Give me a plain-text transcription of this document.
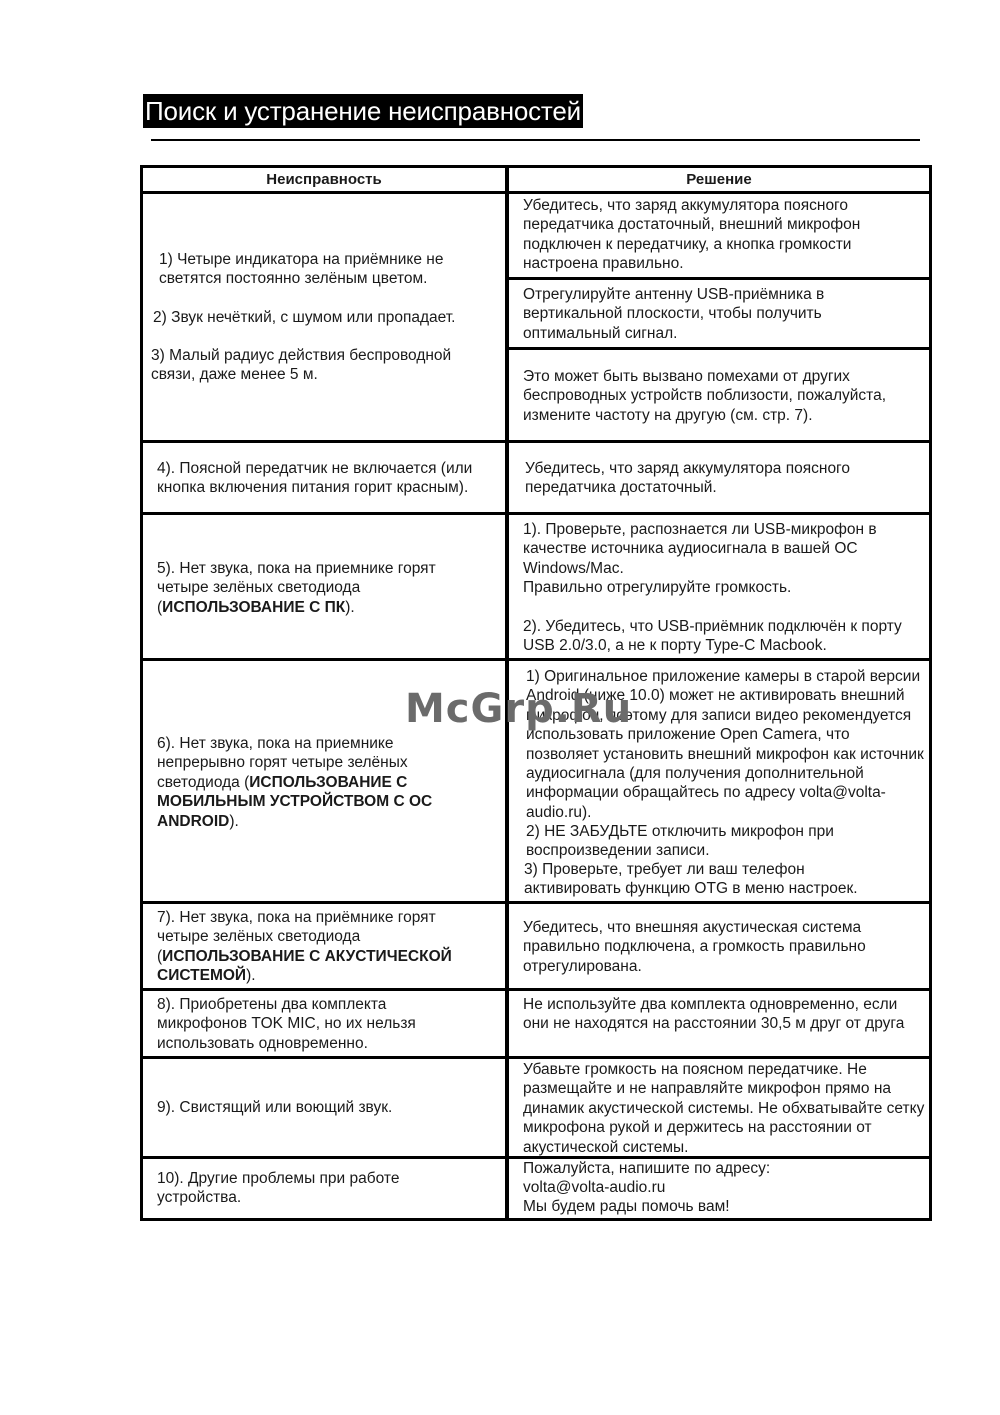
Поиск и устранение неисправностей
Неисправность	Решение
1) Четыре индикатора на приёмнике не светятся постоянно зелёным цветом.
2) Звук нечёткий, с шумом или пропадает.
3) Малый радиус действия беспроводной связи, даже менее 5 м.
Убедитесь, что заряд аккумулятора поясного передатчика достаточный, внешний микрофон подключен к передатчику, а кнопка громкости настроена правильно.
Отрегулируйте антенну USB-приёмника в вертикальной плоскости, чтобы получить оптимальный сигнал.
Это может быть вызвано помехами от других беспроводных устройств поблизости, пожалуйста, измените частоту на другую (см. стр. 7).
4). Поясной передатчик не включается (или кнопка включения питания горит красным).
Убедитесь, что заряд аккумулятора поясного передатчика достаточный.
5). Нет звука, пока на приемнике горят четыре зелёных светодиода (ИСПОЛЬЗОВАНИЕ С ПК).
1). Проверьте, распознается ли USB-микрофон в качестве источника аудиосигнала в вашей ОС Windows/Mac.
Правильно отрегулируйте громкость.
2). Убедитесь, что USB-приёмник подключён к порту USB 2.0/3.0, а не к порту Type-C Macbook.
6). Нет звука, пока на приемнике непрерывно горят четыре зелёных светодиода (ИСПОЛЬЗОВАНИЕ С МОБИЛЬНЫМ УСТРОЙСТВОМ С ОС ANDROID).
1) Оригинальное приложение камеры в старой версии Android (ниже 10.0) может не активировать внешний микрофон, поэтому для записи видео рекомендуется использовать приложение Open Camera, что позволяет установить внешний микрофон как источник аудиосигнала (для получения дополнительной информации обращайтесь по адресу volta@volta-audio.ru).
2) НЕ ЗАБУДЬТЕ отключить микрофон при воспроизведении записи.
3) Проверьте, требует ли ваш телефон активировать функцию OTG в меню настроек.
7). Нет звука, пока на приёмнике горят четыре зелёных светодиода (ИСПОЛЬЗОВАНИЕ С АКУСТИЧЕСКОЙ СИСТЕМОЙ).
Убедитесь, что внешняя акустическая система правильно подключена, а громкость правильно отрегулирована.
8). Приобретены два комплекта микрофонов TOK MIC, но их нельзя использовать одновременно.
Не используйте два комплекта одновременно, если они не находятся на расстоянии 30,5 м друг от друга
9). Свистящий или воющий звук.
Убавьте громкость на поясном передатчике. Не размещайте и не направляйте микрофон прямо на динамик акустической системы. Не обхватывайте сетку микрофона рукой и держитесь на расстоянии от акустической системы.
10). Другие проблемы при работе устройства.
Пожалуйста, напишите по адресу:
volta@volta-audio.ru
Мы будем рады помочь вам!
McGrp.Ru
